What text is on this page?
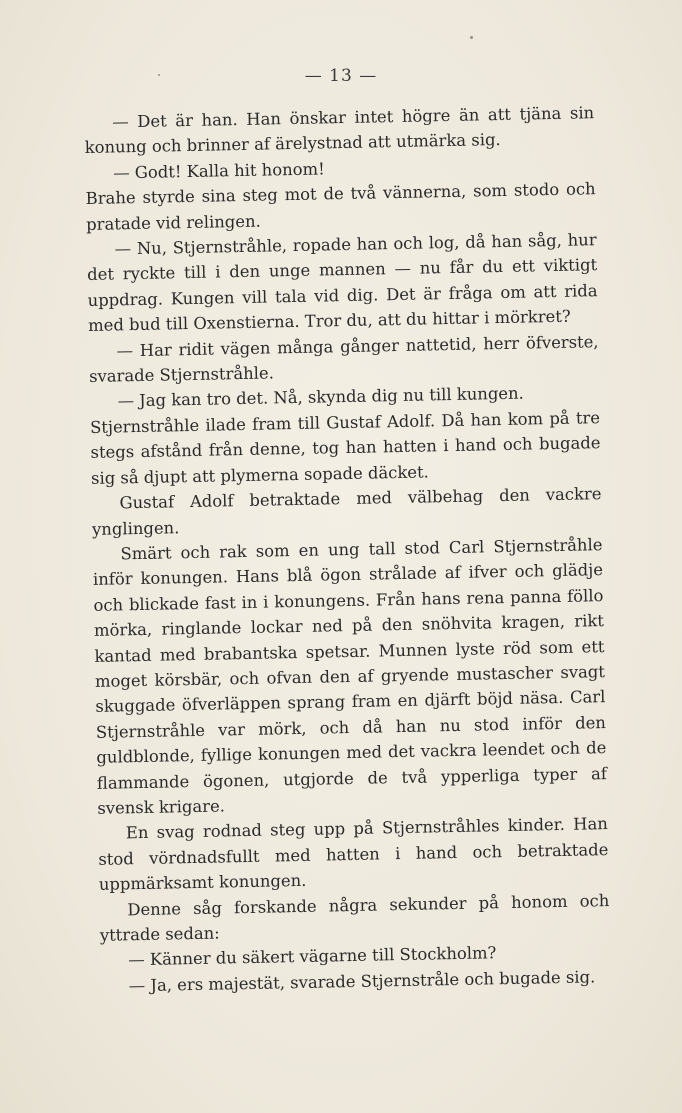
— 13 —

— Det är han. Han önskar intet högre än att tjäna sin konung och brinner af ärelystnad att utmärka sig.

— Godt! Kalla hit honom!

Brahe styrde sina steg mot de två vännerna, som stodo och pratade vid relingen.

— Nu, Stjernstråhle, ropade han och log, då han såg, hur det ryckte till i den unge mannen — nu får du ett viktigt uppdrag. Kungen vill tala vid dig. Det är fråga om att rida med bud till Oxenstierna. Tror du, att du hittar i mörkret?

— Har ridit vägen många gånger nattetid, herr öfverste, svarade Stjernstråhle.

— Jag kan tro det. Nå, skynda dig nu till kungen.

Stjernstråhle ilade fram till Gustaf Adolf. Då han kom på tre stegs afstånd från denne, tog han hatten i hand och bugade sig så djupt att plymerna sopade däcket.

Gustaf Adolf betraktade med välbehag den vackre ynglingen.

Smärt och rak som en ung tall stod Carl Stjernstråhle inför konungen. Hans blå ögon strålade af ifver och glädje och blickade fast in i konungens. Från hans rena panna föllo mörka, ringlande lockar ned på den snöhvita kragen, rikt kantad med brabantska spetsar. Munnen lyste röd som ett moget körsbär, och ofvan den af gryende mustascher svagt skuggade öfverläppen sprang fram en djärft böjd näsa. Carl Stjernstråhle var mörk, och då han nu stod inför den guldblonde, fyllige konungen med det vackra leendet och de flammande ögonen, utgjorde de två ypperliga typer af svensk krigare.

En svag rodnad steg upp på Stjernstråhles kinder. Han stod vördnadsfullt med hatten i hand och betraktade uppmärksamt konungen.

Denne såg forskande några sekunder på honom och yttrade sedan:

— Känner du säkert vägarne till Stockholm?

— Ja, ers majestät, svarade Stjernstråle och bugade sig.
